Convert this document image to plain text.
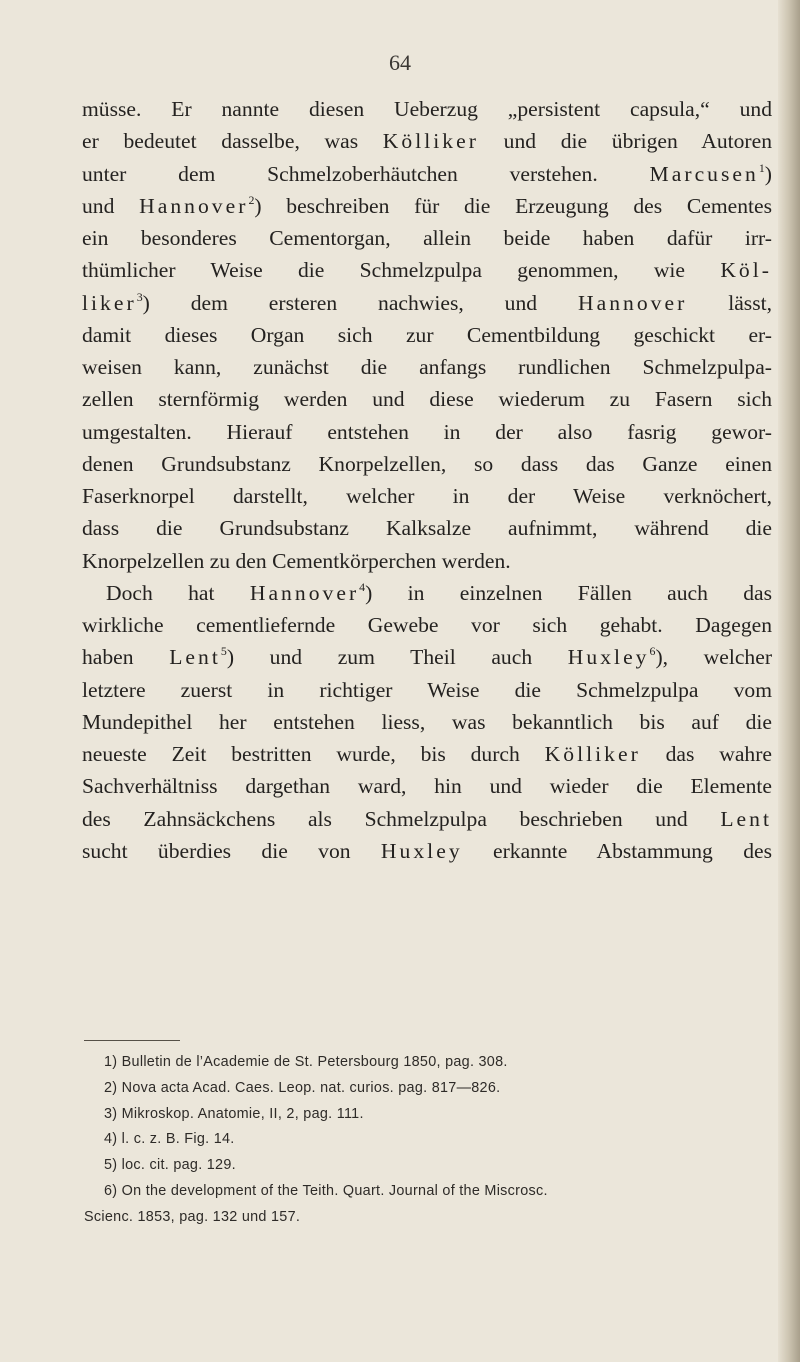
64
müsse. Er nannte diesen Ueberzug „persistent capsula,“ und
er bedeutet dasselbe, was Kölliker und die übrigen Autoren
unter dem Schmelzoberhäutchen verstehen. Marcusen$^1$)
und Hannover$^2$) beschreiben für die Erzeugung des Cementes
ein besonderes Cementorgan, allein beide haben dafür irr-
thümlicher Weise die Schmelzpulpa genommen, wie Köl-
liker$^3$) dem ersteren nachwies, und Hannover lässt,
damit dieses Organ sich zur Cementbildung geschickt er-
weisen kann, zunächst die anfangs rundlichen Schmelzpulpa-
zellen sternförmig werden und diese wiederum zu Fasern sich
umgestalten. Hierauf entstehen in der also fasrig gewor-
denen Grundsubstanz Knorpelzellen, so dass das Ganze einen
Faserknorpel darstellt, welcher in der Weise verknöchert,
dass die Grundsubstanz Kalksalze aufnimmt, während die
Knorpelzellen zu den Cementkörperchen werden.
Doch hat Hannover$^4$) in einzelnen Fällen auch das
wirkliche cementliefernde Gewebe vor sich gehabt. Dagegen
haben Lent$^5$) und zum Theil auch Huxley$^6$), welcher
letztere zuerst in richtiger Weise die Schmelzpulpa vom
Mundepithel her entstehen liess, was bekanntlich bis auf die
neueste Zeit bestritten wurde, bis durch Kölliker das wahre
Sachverhältniss dargethan ward, hin und wieder die Elemente
des Zahnsäckchens als Schmelzpulpa beschrieben und Lent
sucht überdies die von Huxley erkannte Abstammung des
1) Bulletin de l’Academie de St. Petersbourg 1850, pag. 308.
2) Nova acta Acad. Caes. Leop. nat. curios. pag. 817—826.
3) Mikroskop. Anatomie, II, 2, pag. 111.
4) l. c. z. B. Fig. 14.
5) loc. cit. pag. 129.
6) On the development of the Teith. Quart. Journal of the Miscrosc.
Scienc. 1853, pag. 132 und 157.
